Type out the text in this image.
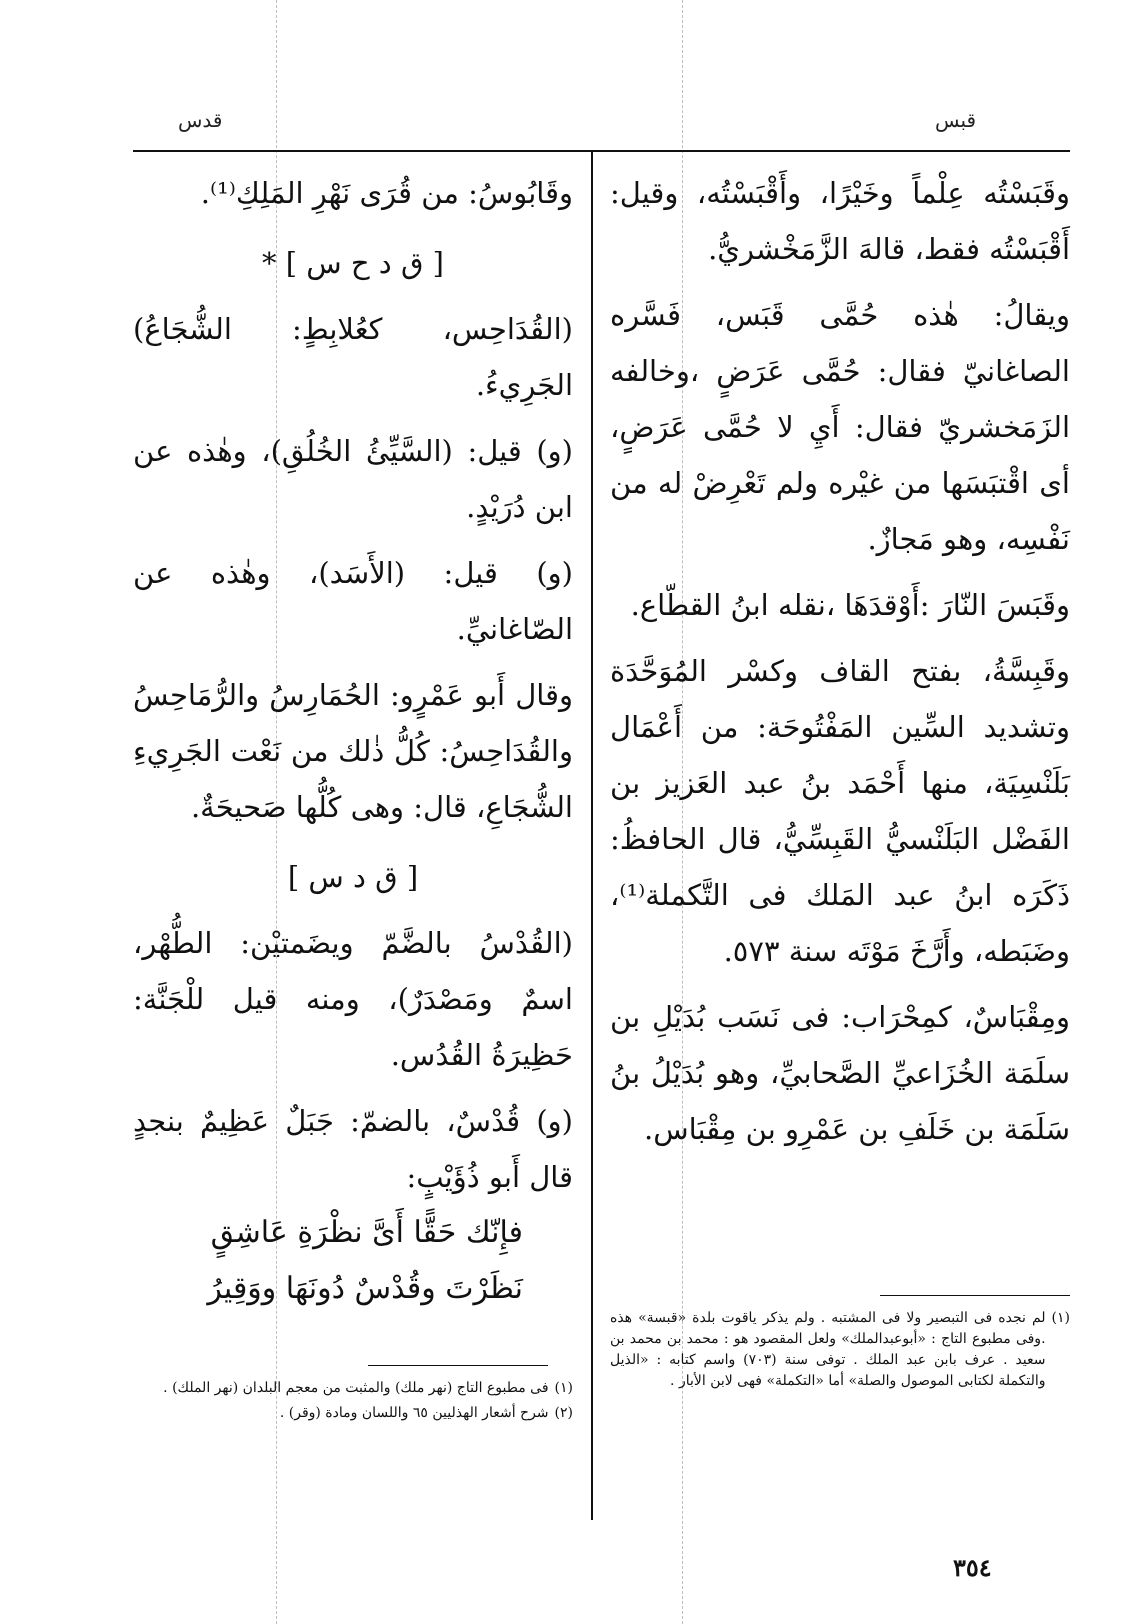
قبس
قدس

وقَبَسْتُه عِلْماً وخَيْرًا، وأَقْبَسْتُه، وقيل: أَقْبَسْتُه فقط، قالهَ الزَّمَخْشريُّ.

ويقالُ: هٰذه حُمَّى قَبَس، فَسَّره الصاغانيّ فقال: حُمَّى عَرَضٍ ،وخالفه الزَمَخشريّ فقال: أَيِ لا حُمَّى عَرَضٍ، أى اقْتبَسَها من غيْره ولم تَعْرِضْ له من نَفْسِه، وهو مَجازٌ.

وقَبَسَ النّارَ :أَوْقدَهَا ،نقله ابنُ القطّاع.

وقَبِسَّةُ، بفتح القاف وكسْر المُوَحَّدَة وتشديد السِّين المَفْتُوحَة: من أَعْمَال بَلَنْسِيَة، منها أَحْمَد بنُ عبد العَزيز بن الفَضْل البَلَنْسيُّ القَبِسِّيُّ، قال الحافظُ: ذَكَرَه ابنُ عبد المَلك فى التَّكملة⁽¹⁾، وضَبَطه، وأَرَّخَ مَوْتَه سنة ٥٧٣.

ومِقْبَاسٌ، كمِحْرَاب: فى نَسَب بُدَيْلِ بن سلَمَة الخُزَاعيِّ الصَّحابيِّ، وهو بُدَيْلُ بنُ سَلَمَة بن خَلَفِ بن عَمْرِو بن مِقْبَاس.

(١)
لم نجده فى التبصير ولا فى المشتبه . ولم يذكر ياقوت بلدة «قبسة» هذه .وفى مطبوع التاج : «أبوعبدالملك» ولعل المقصود هو : محمد بن محمد بن سعيد . عرف بابن عبد الملك . توفى سنة (٧٠٣) واسم كتابه : «الذيل والتكملة لكتابى الموصول والصلة» أما «التكملة» فهى لابن الأبار .

وقَابُوسُ: من قُرَى نَهْرِ المَلِكِ⁽¹⁾.

[ ق د ح س ] *

(القُدَاحِس، كعُلابِطٍ: الشُّجَاعُ) الجَرِيءُ.

(و) قيل: (السَّيِّئُ الخُلُقِ)، وهٰذه عن ابن دُرَيْدٍ.

(و) قيل: (الأَسَد)، وهٰذه عن الصّاغانيِّ.

وقال أَبو عَمْرٍو: الحُمَارِسُ والرُّمَاحِسُ والقُدَاحِسُ: كُلُّ ذٰلك من نَعْت الجَرِيءِ الشُّجَاعِ، قال: وهى كُلُّها صَحيحَةٌ.

[ ق د س ]

(القُدْسُ بالضَّمّ ويضَمتيْن: الطُّهْر، اسمٌ ومَصْدَرٌ)، ومنه قيل للْجَنَّة: حَظِيرَةُ القُدُس.

(و) قُدْسٌ، بالضمّ: جَبَلٌ عَظِيمٌ بنجدٍ قال أَبو ذُؤَيْبٍ:

فإِنّك حَقًّا أَىَّ نظْرَةِ عَاشِقٍ

نَظَرْتَ وقُدْسٌ دُونَهَا ووَقِيرُ

(١)
فى مطبوع التاج (نهر ملك) والمثبت من معجم البلدان (نهر الملك) .
(٢)
شرح أشعار الهذليين ٦٥ واللسان ومادة (وقر) .
٣٥٤
